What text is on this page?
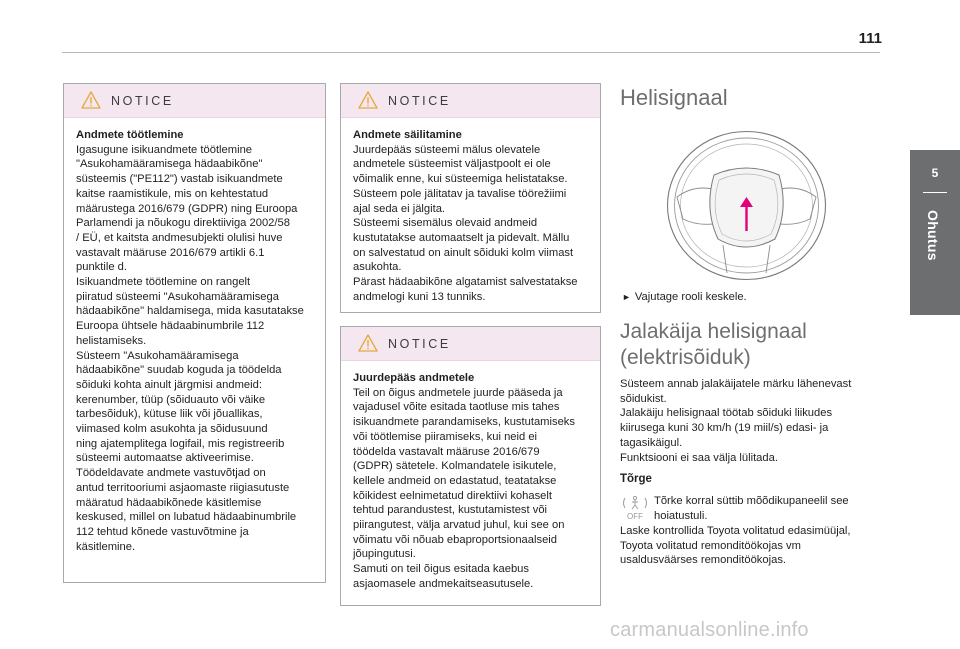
111
5
Ohutus
NOTICE

Andmete töötlemine

Igasugune isikuandmete töötlemine

"Asukohamääramisega hädaabikõne"

süsteemis ("PE112") vastab isikuandmete

kaitse raamistikule, mis on kehtestatud

määrustega 2016/679 (GDPR) ning Euroopa

Parlamendi ja nõukogu direktiiviga 2002/58

/ EÜ, et kaitsta andmesubjekti olulisi huve

vastavalt määruse 2016/679 artikli 6.1

punktile d.

Isikuandmete töötlemine on rangelt

piiratud süsteemi "Asukohamääramisega

hädaabikõne" haldamisega, mida kasutatakse

Euroopa ühtsele hädaabinumbrile 112

helistamiseks.

Süsteem "Asukohamääramisega

hädaabikõne" suudab koguda ja töödelda

sõiduki kohta ainult järgmisi andmeid:

kerenumber, tüüp (sõiduauto või väike

tarbesõiduk), kütuse liik või jõuallikas,

viimased kolm asukohta ja sõidusuund

ning ajatemplitega logifail, mis registreerib

süsteemi automaatse aktiveerimise.

Töödeldavate andmete vastuvõtjad on

antud territooriumi asjaomaste riigiasutuste

määratud hädaabikõnede käsitlemise

keskused, millel on lubatud hädaabinumbrile

112 tehtud kõnede vastuvõtmine ja

käsitlemine.

NOTICE

Andmete säilitamine

Juurdepääs süsteemi mälus olevatele

andmetele süsteemist väljastpoolt ei ole

võimalik enne, kui süsteemiga helistatakse.

Süsteem pole jälitatav ja tavalise töörežiimi

ajal seda ei jälgita.

Süsteemi sisemälus olevaid andmeid

kustutatakse automaatselt ja pidevalt. Mällu

on salvestatud on ainult sõiduki kolm viimast

asukohta.

Pärast hädaabikõne algatamist salvestatakse

andmelogi kuni 13 tunniks.

NOTICE

Juurdepääs andmetele

Teil on õigus andmetele juurde pääseda ja

vajadusel võite esitada taotluse mis tahes

isikuandmete parandamiseks, kustutamiseks

või töötlemise piiramiseks, kui neid ei

töödelda vastavalt määruse 2016/679

(GDPR) sätetele. Kolmandatele isikutele,

kellele andmeid on edastatud, teatatakse

kõikidest eelnimetatud direktiivi kohaselt

tehtud parandustest, kustutamistest või

piirangutest, välja arvatud juhul, kui see on

võimatu või nõuab ebaproportsionaalseid

jõupingutusi.

Samuti on teil õigus esitada kaebus

asjaomasele andmekaitseasutusele.

Helisignaal
► Vajutage rooli keskele.
Jalakäija helisignaal
(elektrisõiduk)

Süsteem annab jalakäijatele märku lähenevast

sõidukist.

Jalakäiju helisignaal töötab sõiduki liikudes

kiirusega kuni 30 km/h (19 miil/s) edasi- ja

tagasikäigul.

Funktsiooni ei saa välja lülitada.

Tõrge
OFF

Tõrke korral süttib mõõdikupaneelil see

hoiatustuli.

Laske kontrollida Toyota volitatud edasimüüjal,

Toyota volitatud remonditöökojas vm

usaldusväärses remonditöökojas.

carmanualsonline.info
